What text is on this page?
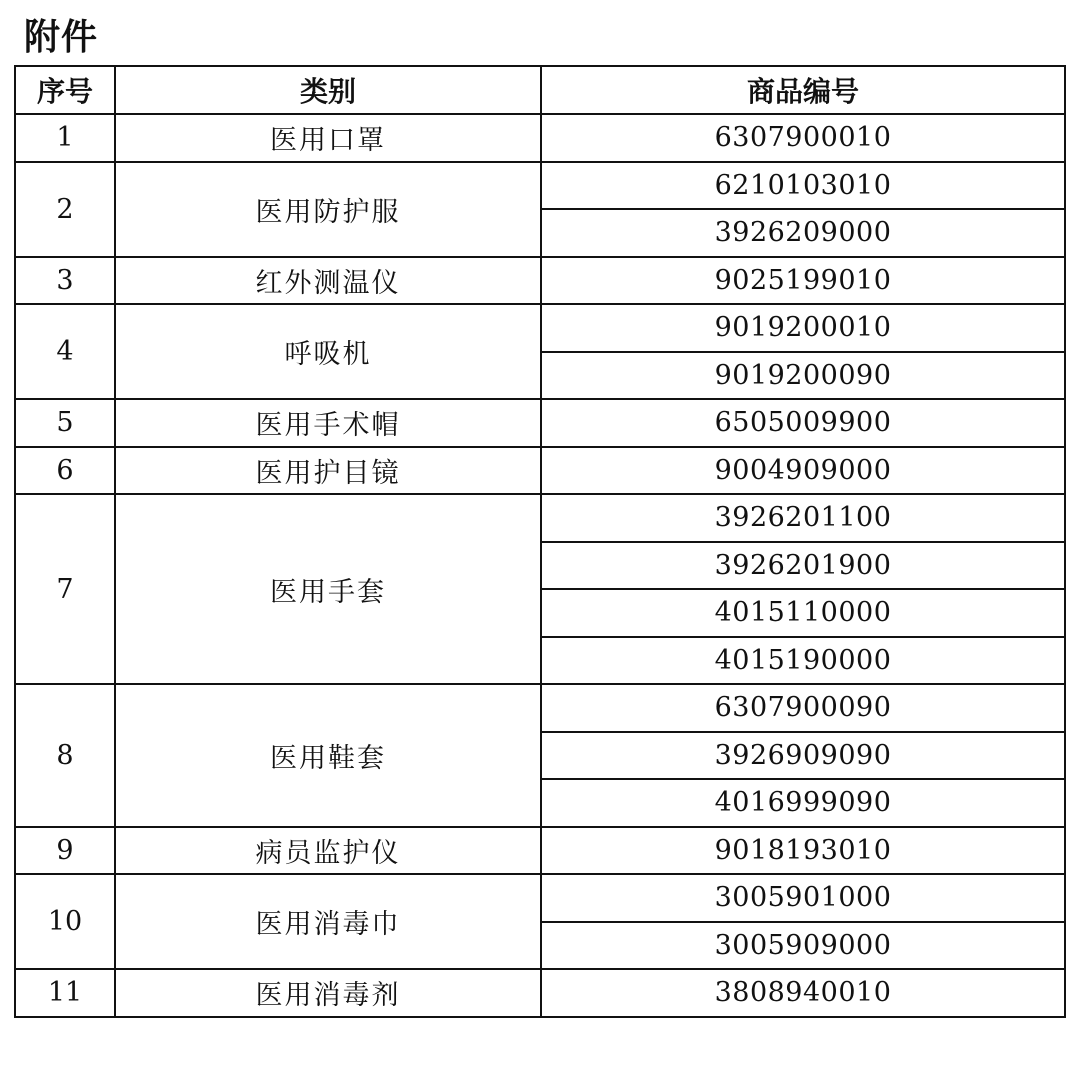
附件
序号	类别	商品编号
1	医用口罩	6307900010
2	医用防护服	6210103010
		3926209000
3	红外测温仪	9025199010
4	呼吸机	9019200010
		9019200090
5	医用手术帽	6505009900
6	医用护目镜	9004909000
7	医用手套	3926201100
		3926201900
		4015110000
		4015190000
8	医用鞋套	6307900090
		3926909090
		4016999090
9	病员监护仪	9018193010
10	医用消毒巾	3005901000
		3005909000
11	医用消毒剂	3808940010
